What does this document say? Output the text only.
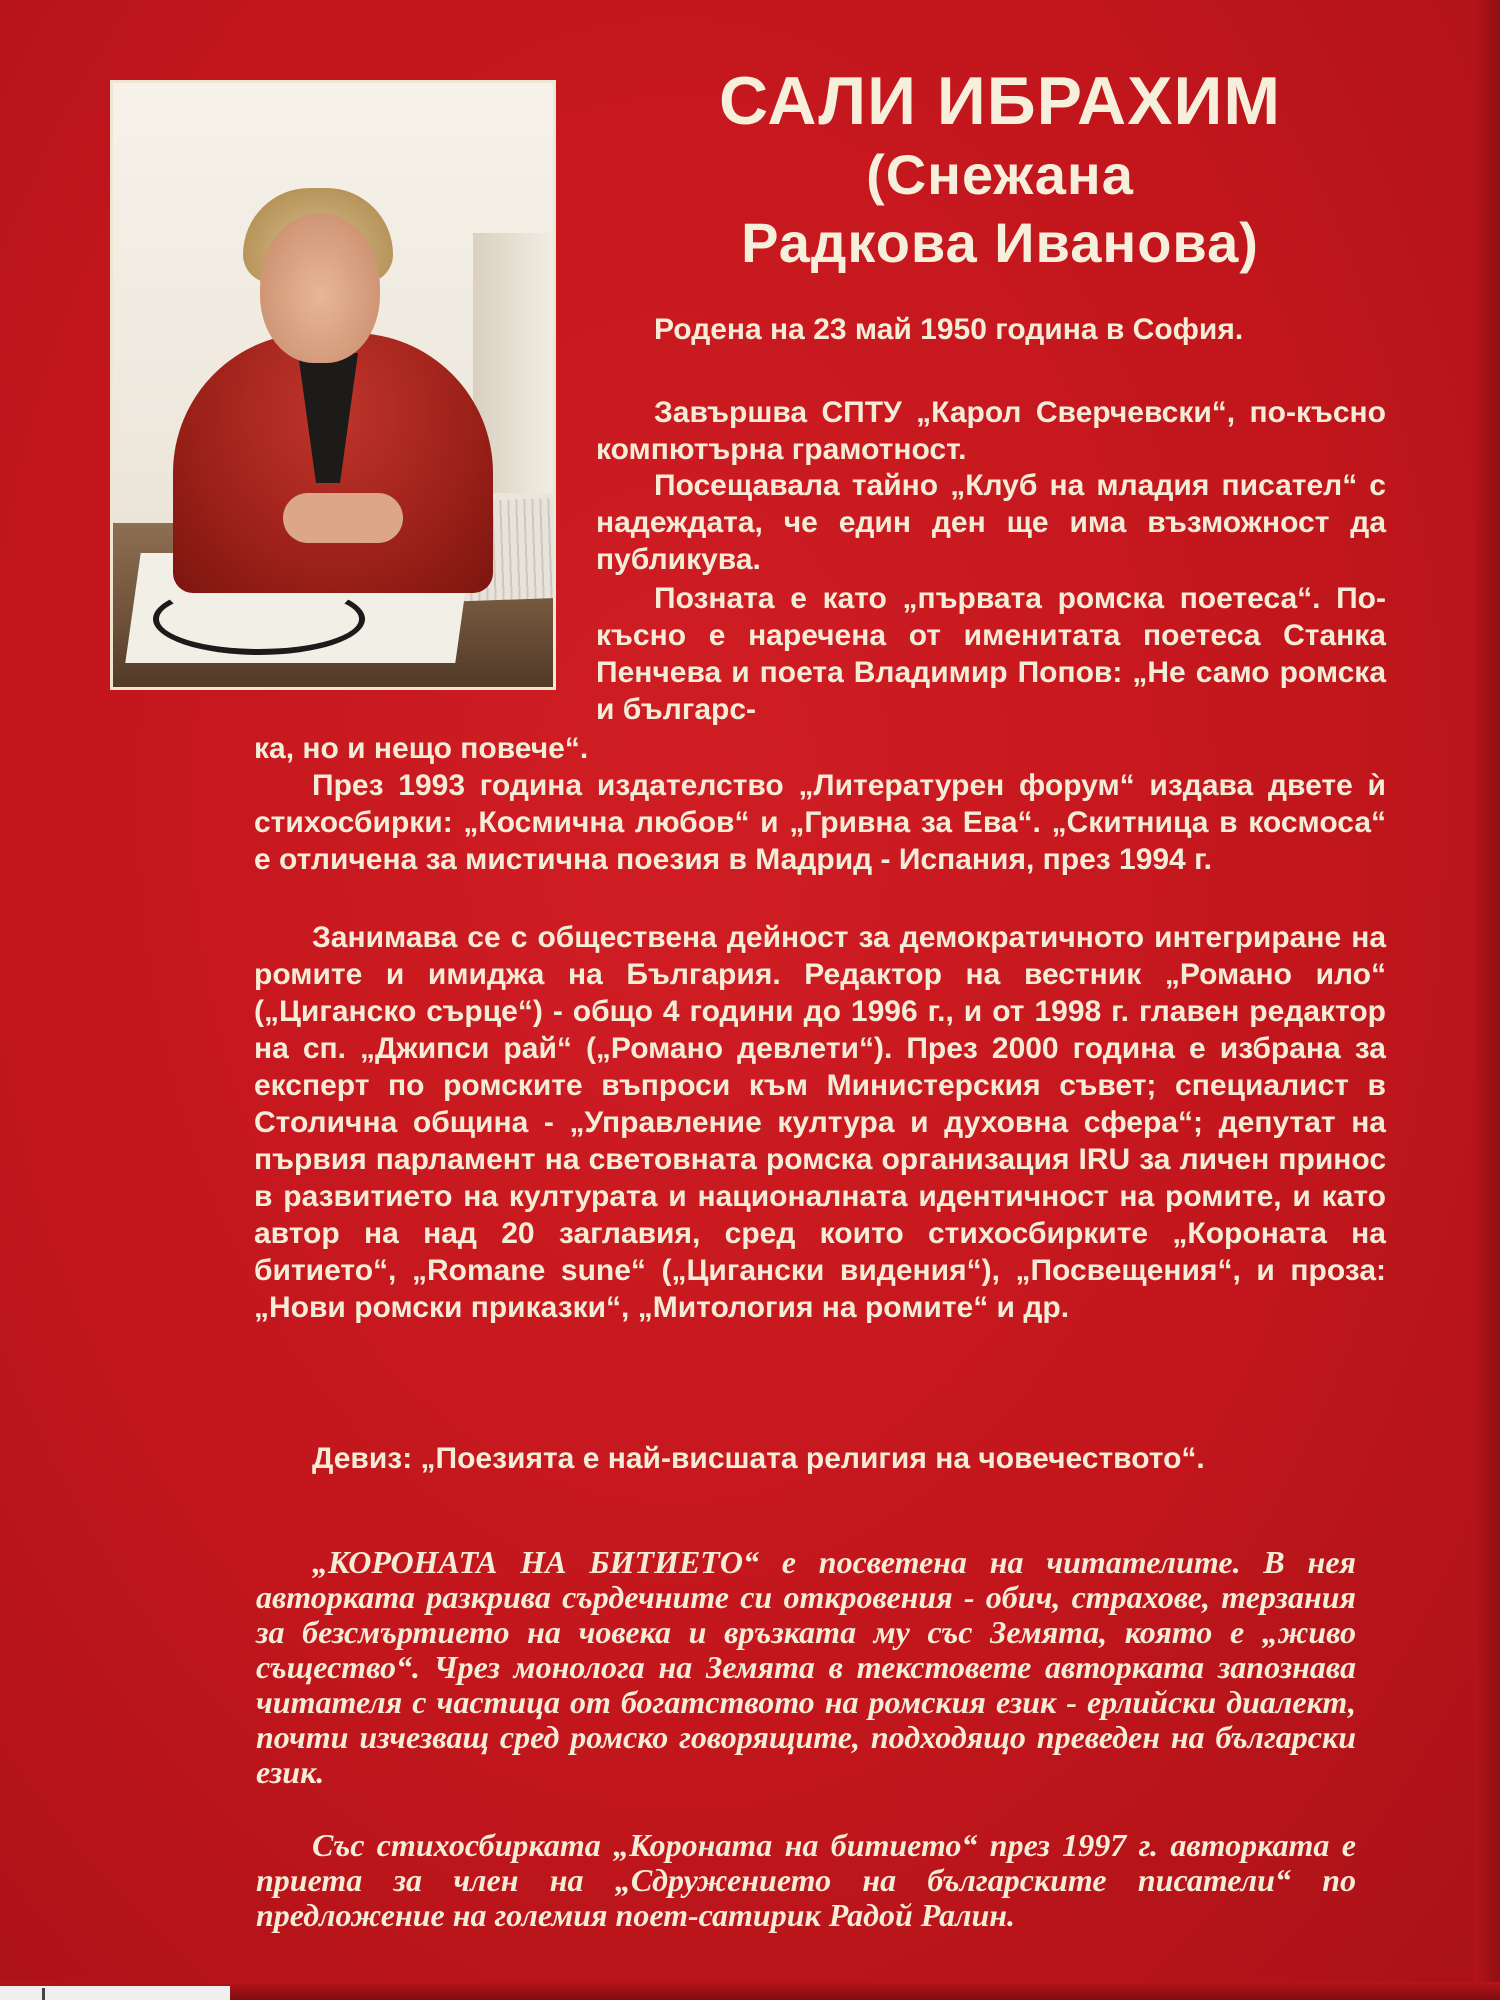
САЛИ ИБРАХИМ
(Снежана
Радкова Иванова)

Родена на 23 май 1950 година в София.

Завършва СПТУ „Карол Сверчевски“, по-късно компютърна грамотност.

Посещавала тайно „Клуб на младия писател“ с надеждата, че един ден ще има възможност да публикува.

Позната е като „първата ромска поетеса“. По-късно е наречена от именитата поетеса Станка Пенчева и поета Владимир Попов: „Не само ромска и българс-

ка, но и нещо повече“.

През 1993 година издателство „Литературен форум“ издава двете ѝ стихосбирки: „Космична любов“ и „Гривна за Ева“. „Скитница в космоса“ е отличена за мистична поезия в Мадрид - Испания, през 1994 г.

Занимава се с обществена дейност за демократичното интегриране на ромите и имиджа на България. Редактор на вестник „Романо ило“ („Циганско сърце“) - общо 4 години до 1996 г., и от 1998 г. главен редактор на сп. „Джипси рай“ („Романо девлети“). През 2000 година е избрана за експерт по ромските въпроси към Министерския съвет; специалист в Столична община - „Управление култура и духовна сфера“; депутат на първия парламент на световната ромска организация IRU за личен принос в развитието на културата и националната идентичност на ромите, и като автор на над 20 заглавия, сред които стихосбирките „Короната на битието“, „Romane sune“ („Цигански видения“), „Посвещения“, и проза: „Нови ромски приказки“, „Митология на ромите“ и др.

Девиз: „Поезията е най-висшата религия на човечеството“.

„КОРОНАТА НА БИТИЕТО“ е посветена на читателите. В нея авторката разкрива сърдечните си откровения - обич, страхове, терзания за безсмъртието на човека и връзката му със Земята, която е „живо същество“. Чрез монолога на Земята в текстовете авторката запознава читателя с частица от богатството на ромския език - ерлийски диалект, почти изчезващ сред ромско говорящите, подходящо преведен на български език.

Със стихосбирката „Короната на битието“ през 1997 г. авторката е приета за член на „Сдружението на българските писатели“ по предложение на големия поет-сатирик Радой Ралин.
